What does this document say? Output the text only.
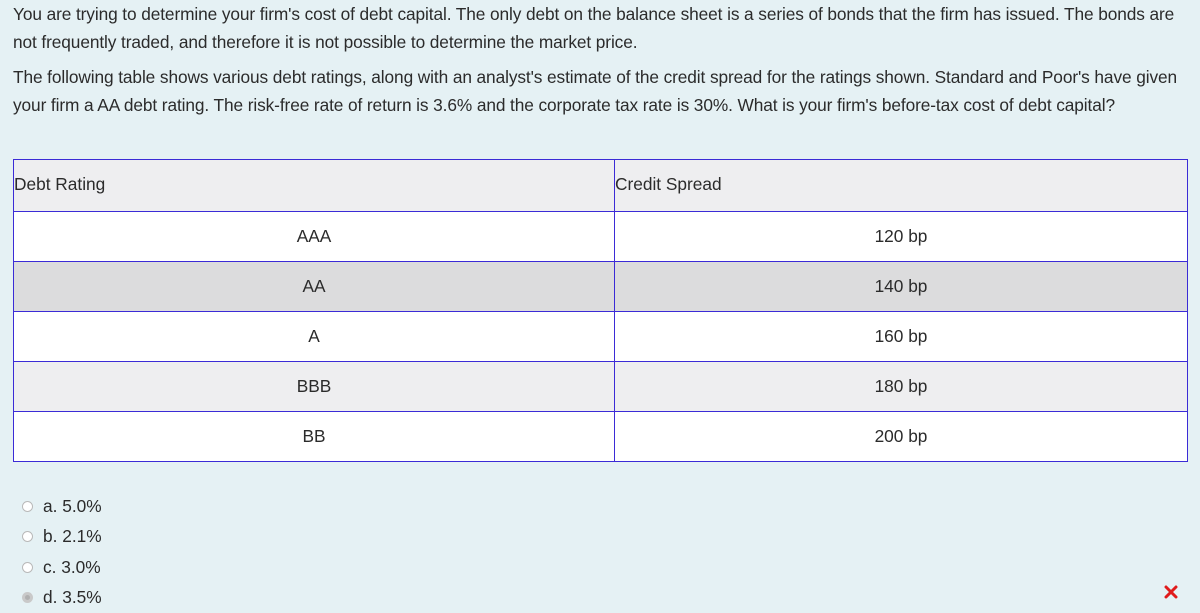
You are trying to determine your firm's cost of debt capital. The only debt on the balance sheet is a series of bonds that the firm has issued. The bonds are not frequently traded, and therefore it is not possible to determine the market price.

The following table shows various debt ratings, along with an analyst's estimate of the credit spread for the ratings shown. Standard and Poor's have given your firm a AA debt rating. The risk-free rate of return is 3.6% and the corporate tax rate is 30%. What is your firm's before-tax cost of debt capital?

Debt Rating	Credit Spread
AAA	120 bp
AA	140 bp
A	160 bp
BBB	180 bp
BB	200 bp
a. 5.0%
b. 2.1%
c. 3.0%
d. 3.5%
